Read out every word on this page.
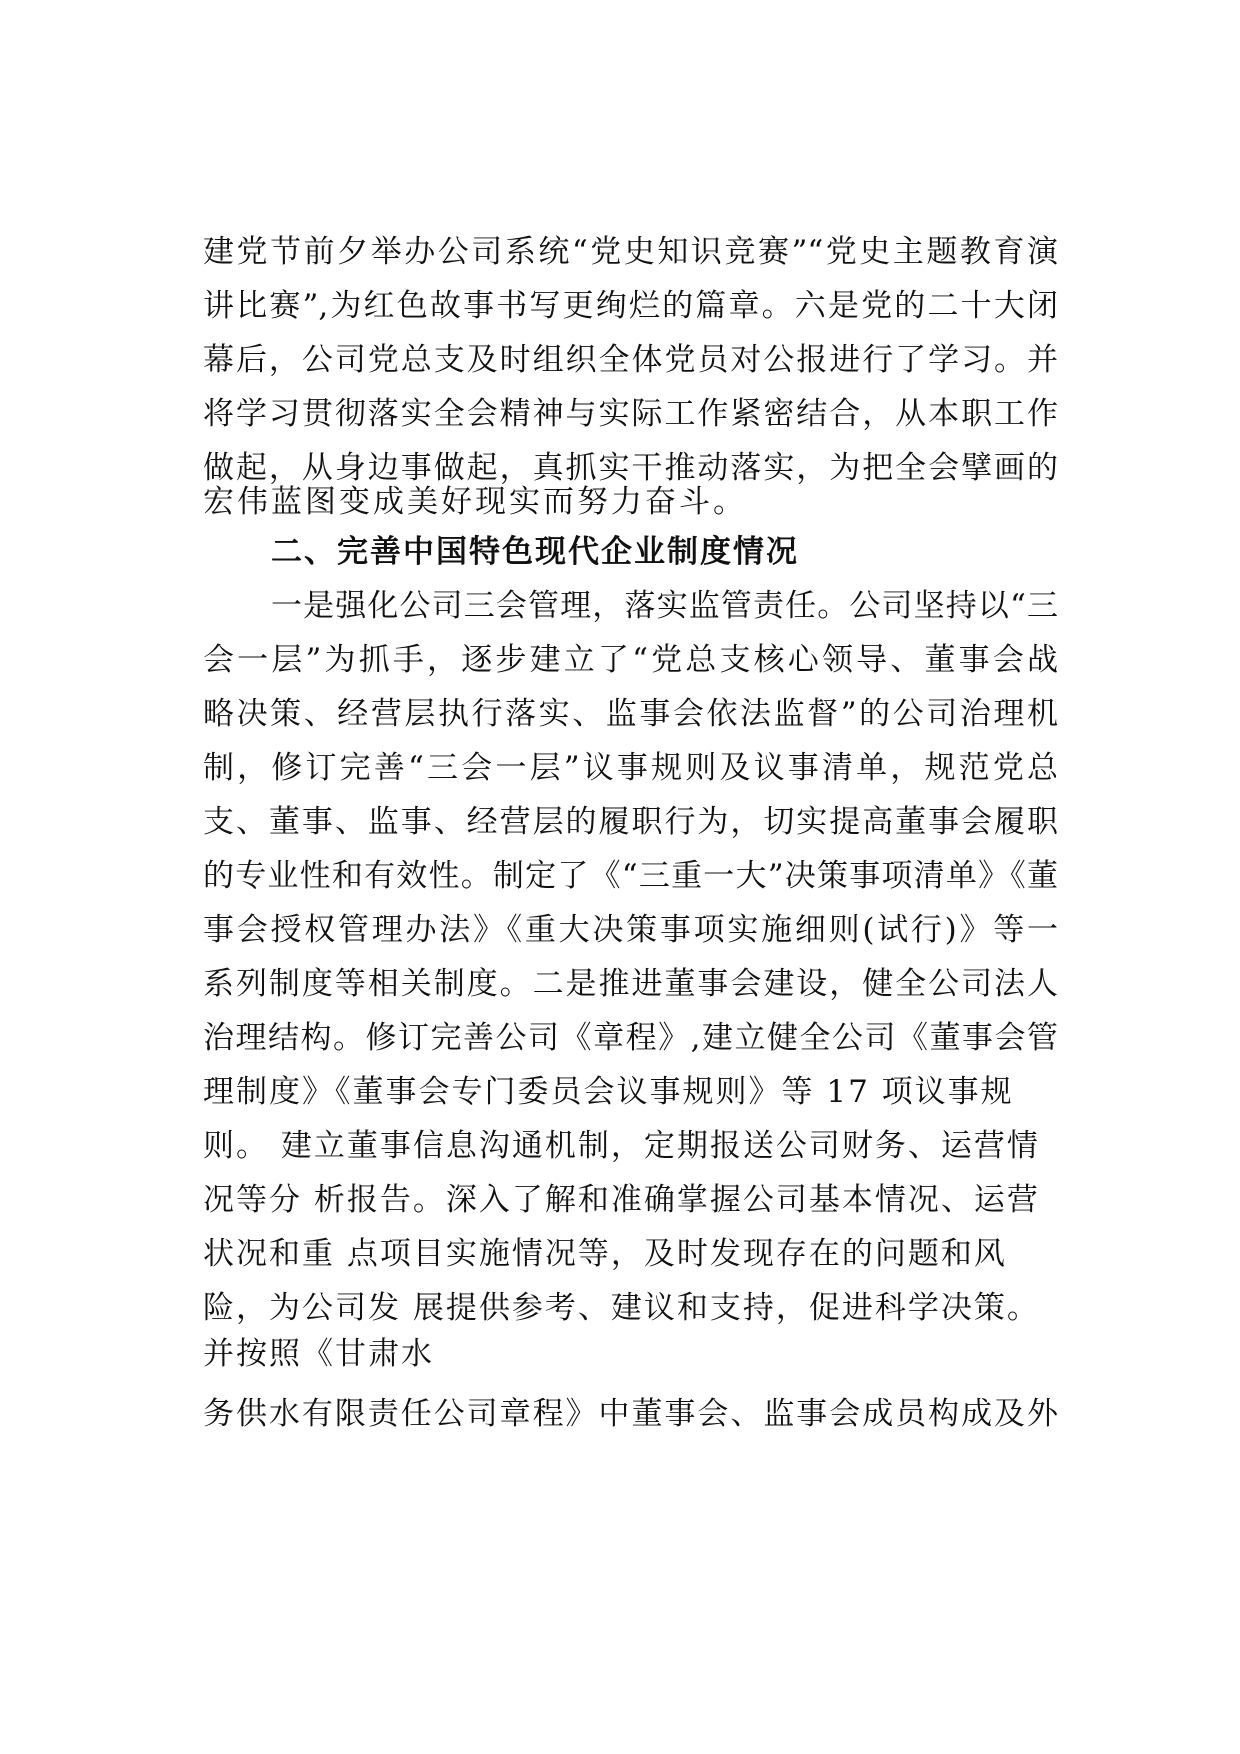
建党节前夕举办公司系统“党史知识竞赛”“党史主题教育演
讲比赛”,为红色故事书写更绚烂的篇章。六是党的二十大闭
幕后，公司党总支及时组织全体党员对公报进行了学习。并
将学习贯彻落实全会精神与实际工作紧密结合，从本职工作
做起，从身边事做起，真抓实干推动落实，为把全会擘画的
宏伟蓝图变成美好现实而努力奋斗。
二、完善中国特色现代企业制度情况
一是强化公司三会管理，落实监管责任。公司坚持以“三
会一层”为抓手，逐步建立了“党总支核心领导、董事会战
略决策、经营层执行落实、监事会依法监督”的公司治理机
制，修订完善“三会一层”议事规则及议事清单，规范党总
支、董事、监事、经营层的履职行为，切实提高董事会履职
的专业性和有效性。制定了《“三重一大”决策事项清单》《董
事会授权管理办法》《重大决策事项实施细则(试行)》等一
系列制度等相关制度。二是推进董事会建设，健全公司法人
治理结构。修订完善公司《章程》,建立健全公司《董事会管
理制度》《董事会专门委员会议事规则》等 17 项议事规
则。 建立董事信息沟通机制，定期报送公司财务、运营情
况等分 析报告。深入了解和准确掌握公司基本情况、运营
状况和重 点项目实施情况等，及时发现存在的问题和风
险，为公司发 展提供参考、建议和支持，促进科学决策。
并按照《甘肃水
务供水有限责任公司章程》中董事会、监事会成员构成及外
